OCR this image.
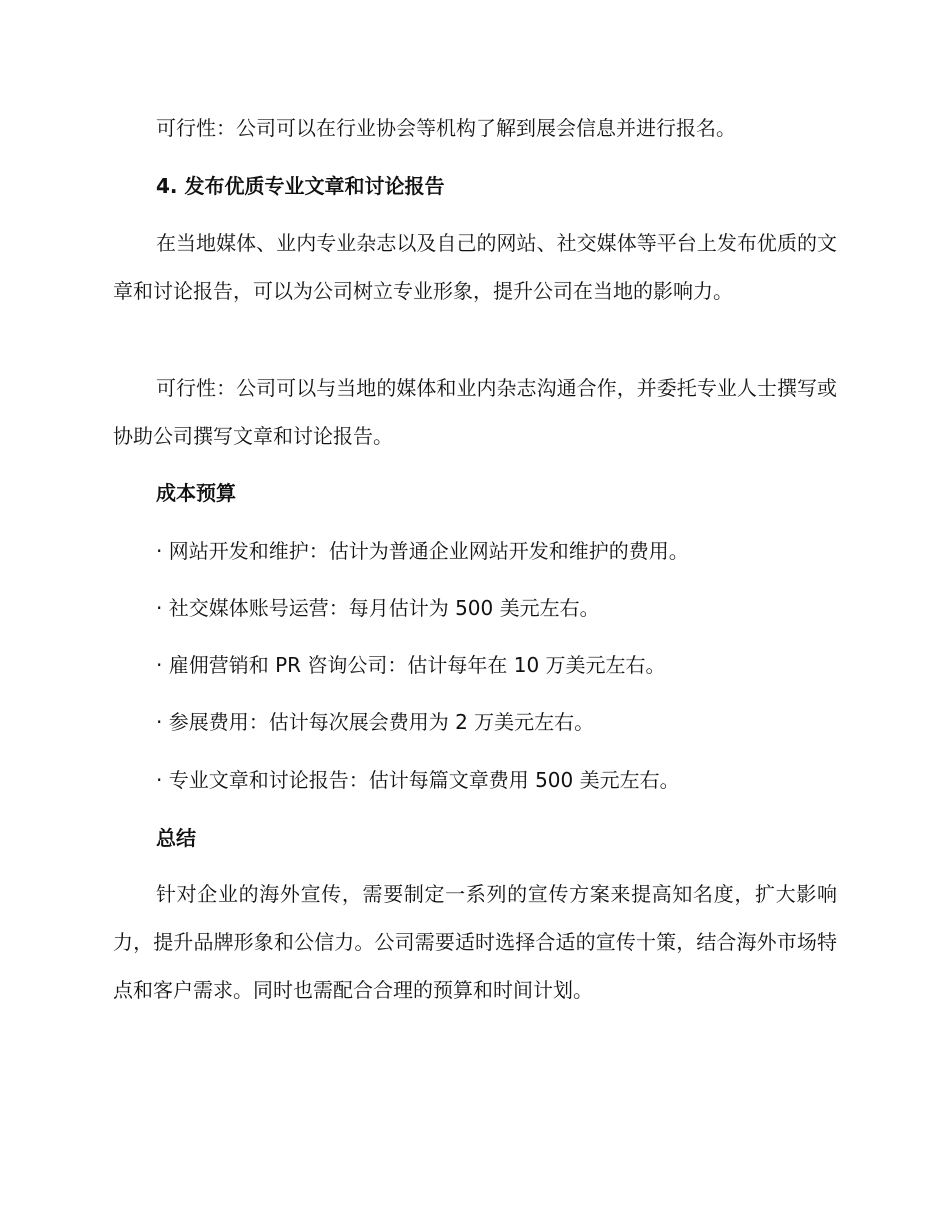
可行性：公司可以在行业协会等机构了解到展会信息并进行报名。
4. 发布优质专业文章和讨论报告

在当地媒体、业内专业杂志以及自己的网站、社交媒体等平台上发布优质的文章和讨论报告，可以为公司树立专业形象，提升公司在当地的影响力。

可行性：公司可以与当地的媒体和业内杂志沟通合作，并委托专业人士撰写或协助公司撰写文章和讨论报告。

成本预算
· 网站开发和维护：估计为普通企业网站开发和维护的费用。
· 社交媒体账号运营：每月估计为 500 美元左右。
· 雇佣营销和 PR 咨询公司：估计每年在 10 万美元左右。
· 参展费用：估计每次展会费用为 2 万美元左右。
· 专业文章和讨论报告：估计每篇文章费用 500 美元左右。
总结

针对企业的海外宣传，需要制定一系列的宣传方案来提高知名度，扩大影响力，提升品牌形象和公信力。公司需要适时选择合适的宣传十策，结合海外市场特点和客户需求。同时也需配合合理的预算和时间计划。
